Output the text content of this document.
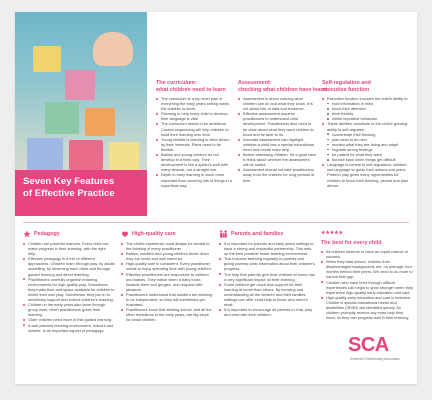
Seven Key Features
of Effective Practice
The curriculum:
what children need to learn
The curriculum is a top-level plan of everything the early years setting wants the children to learn.
Planning to help every child to develop their language is vital.
The curriculum needs to be ambitious. Careful sequencing will help children to build their learning over time.
Young children's learning is often driven by their interests. Plans need to be flexible.
Babies and young children do not develop in a fixed way. Their development is like a spider's web with many strands, not a straight line.
Depth in early learning is much more important than covering lots of things in a superficial way.
Assessment:
checking what children have learnt
Assessment is about noticing what children can do and what they know. It is not about lots of data and evidence.
Effective assessment requires practitioners to understand child development. Practitioners also need to be clear about what they want children to know and be able to do.
Accurate assessment can highlight whether a child has a special educational need and needs extra help.
Before assessing children, it's a good idea to think about whether the assessment will be useful.
Assessment should not take practitioners away from the children for long periods of time.
Self-regulation and
executive function
Executive function includes the child's ability to:
hold information in mind
focus their attention
think flexibly
inhibit impulsive behaviour
These abilities contribute to the child's growing ability to self-regulate:
concentrate their thinking
plan what to do next
monitor what they are doing and adapt
regulate strong feelings
be patient for what they want
bounce back when things get difficult
Language is central to self-regulation: children use language to guide their actions and plans. Pretend play gives many opportunities for children to focus their thinking, persist and plan ahead.
Pedagogy
Children are powerful learners. Every child can make progress in their learning, with the right help.
Effective pedagogy is a mix of different approaches. Children learn through play, by adults modelling, by observing each other and through guided learning and direct teaching.
Practitioners carefully organise enabling environments for high-quality play. Sometimes, they make time and space available for children to invent their own play. Sometimes, they join in to sensitively support and extend children's learning.
Children in the early years also learn through group work, when practitioners guide their learning.
Older children need more of this guided learning.
A well-planned learning environment, indoors and outside, is an important aspect of pedagogy.
High-quality care
The child's experience must always be central to the thinking of every practitioner.
Babies, toddlers and young children thrive when they are loved and well cared for.
High-quality care is consistent. Every practitioner needs to enjoy spending time with young children.
Effective practitioners are responsive to children and babies. They notice when a baby looks towards them and gurgles, and respond with pleasure.
Practitioners understand that toddlers are learning to be independent, so they will sometimes get frustrated.
Practitioners know that starting school, and all the other transitions in the early years, are big steps for small children.
Parents and families
It is important for parents and early years settings to have a strong and respectful partnership. This sets up the best possible home-learning environment.
This includes listening regularly to parents and giving parents clear information about their children's progress.
The help that parents give their children at home has a very significant impact on their learning.
Some children get much less support for their learning at home than others. By knowing and understanding all the children and their families, settings can offer extra help to those who need it most.
It is important to encourage all parents to chat, play and read with their children.
The best for every child
All children deserve to have an equal chance of success.
When they start school, children from disadvantaged backgrounds are, on average, four months behind their peers. We need to do more to narrow that gap.
Children who have lived through difficult experiences can begin to grow stronger when they experience high-quality early education and care.
High-quality early education and care is inclusive. Children's special educational needs and disabilities (SEND) are identified quickly. All children promptly receive any extra help they need, so they can progress well in their learning.
SCA
Somerset Childminding Association
